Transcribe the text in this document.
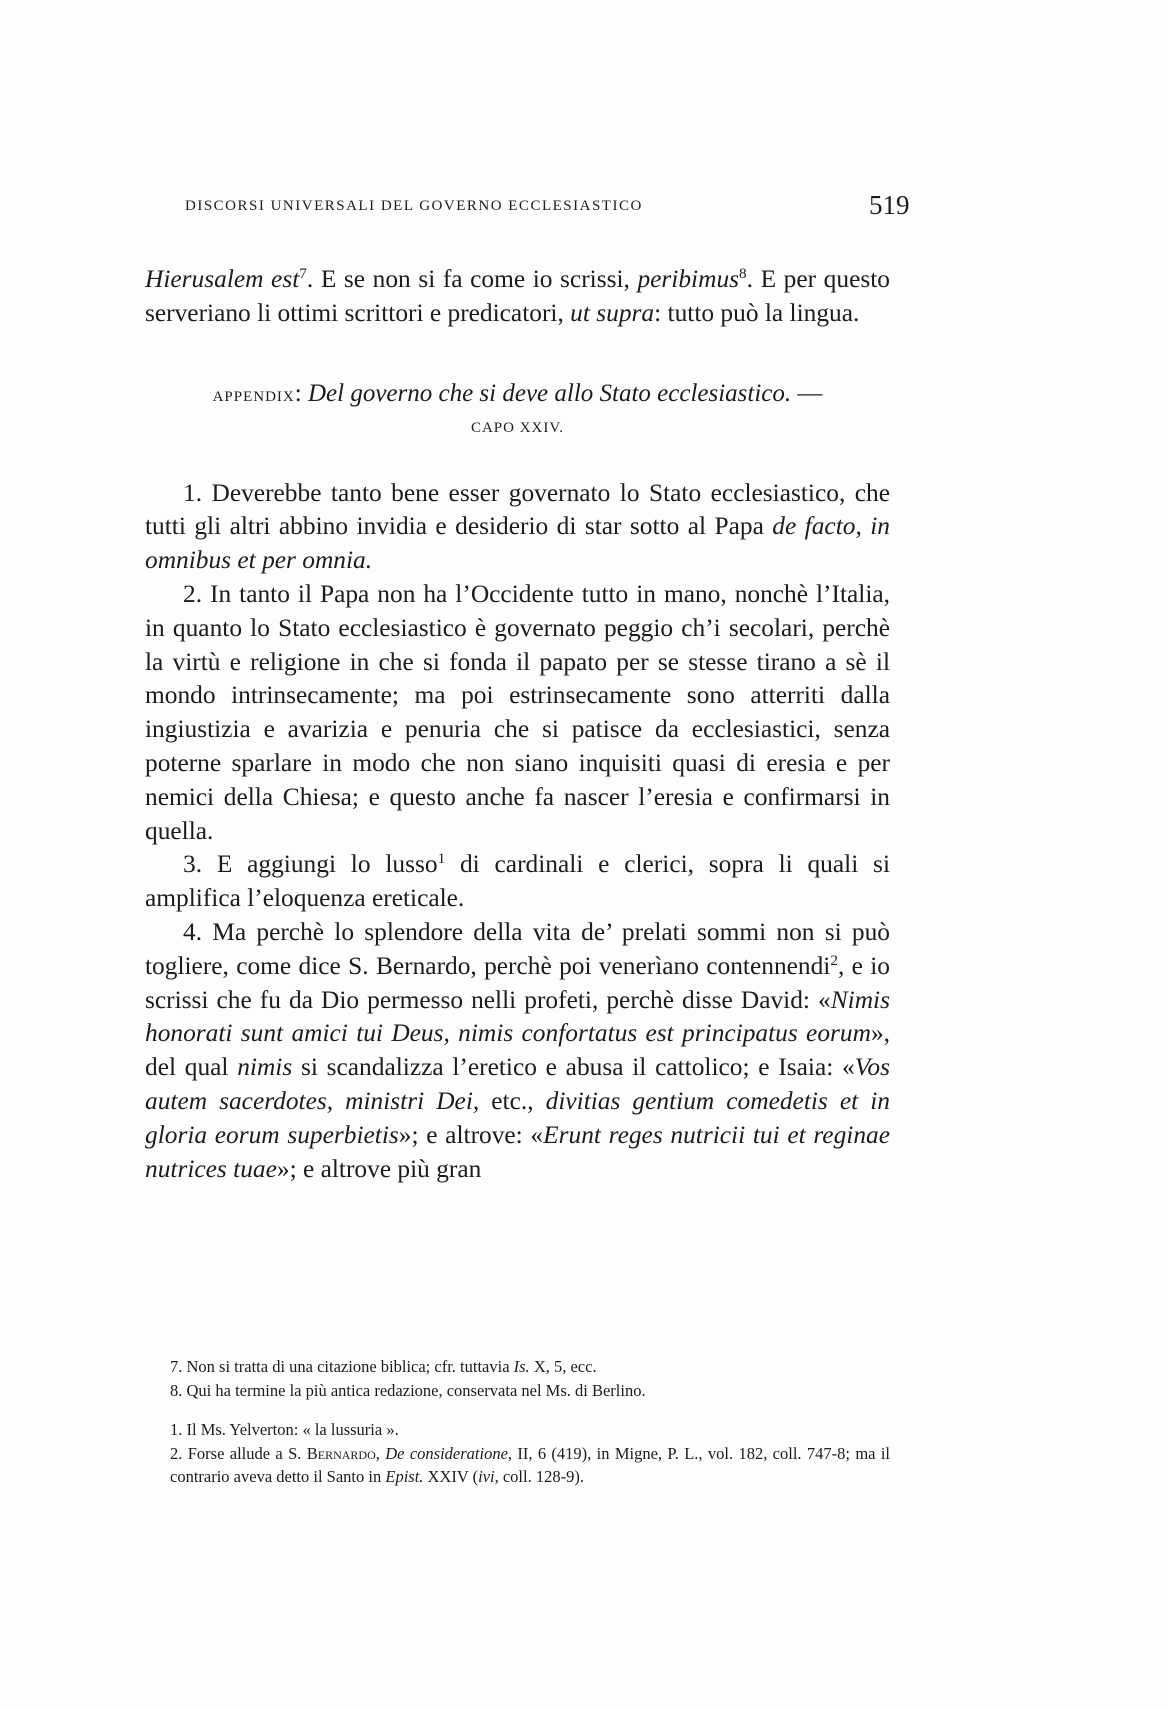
DISCORSI UNIVERSALI DEL GOVERNO ECCLESIASTICO	519

Hierusalem est$^7$. E se non si fa come io scrissi, peribimus$^8$. E per questo serveriano li ottimi scrittori e predicatori, ut supra: tutto può la lingua.

APPENDIX: Del governo che si deve allo Stato ecclesiastico. —
CAPO XXIV.

1. Deverebbe tanto bene esser governato lo Stato ecclesiastico, che tutti gli altri abbino invidia e desiderio di star sotto al Papa de facto, in omnibus et per omnia.

2. In tanto il Papa non ha l’Occidente tutto in mano, nonchè l’Italia, in quanto lo Stato ecclesiastico è governato peggio ch’i secolari, perchè la virtù e religione in che si fonda il papato per se stesse tirano a sè il mondo intrinsecamente; ma poi estrinsecamente sono atterriti dalla ingiustizia e avarizia e penuria che si patisce da ecclesiastici, senza poterne sparlare in modo che non siano inquisiti quasi di eresia e per nemici della Chiesa; e questo anche fa nascer l’eresia e confirmarsi in quella.

3. E aggiungi lo lusso$^1$ di cardinali e clerici, sopra li quali si amplifica l’eloquenza ereticale.

4. Ma perchè lo splendore della vita de’ prelati sommi non si può togliere, come dice S. Bernardo, perchè poi venerìano contennendi$^2$, e io scrissi che fu da Dio permesso nelli profeti, perchè disse David: «Nimis honorati sunt amici tui Deus, nimis confortatus est principatus eorum», del qual nimis si scandalizza l’eretico e abusa il cattolico; e Isaia: «Vos autem sacerdotes, ministri Dei, etc., divitias gentium comedetis et in gloria eorum superbietis»; e altrove: «Erunt reges nutricii tui et reginae nutrices tuae»; e altrove più gran

7. Non si tratta di una citazione biblica; cfr. tuttavia Is. X, 5, ecc.

8. Qui ha termine la più antica redazione, conservata nel Ms. di Berlino.

1. Il Ms. Yelverton: « la lussuria ».

2. Forse allude a S. Bernardo, De consideratione, II, 6 (419), in Migne, P. L., vol. 182, coll. 747-8; ma il contrario aveva detto il Santo in Epist. XXIV (ivi, coll. 128-9).
